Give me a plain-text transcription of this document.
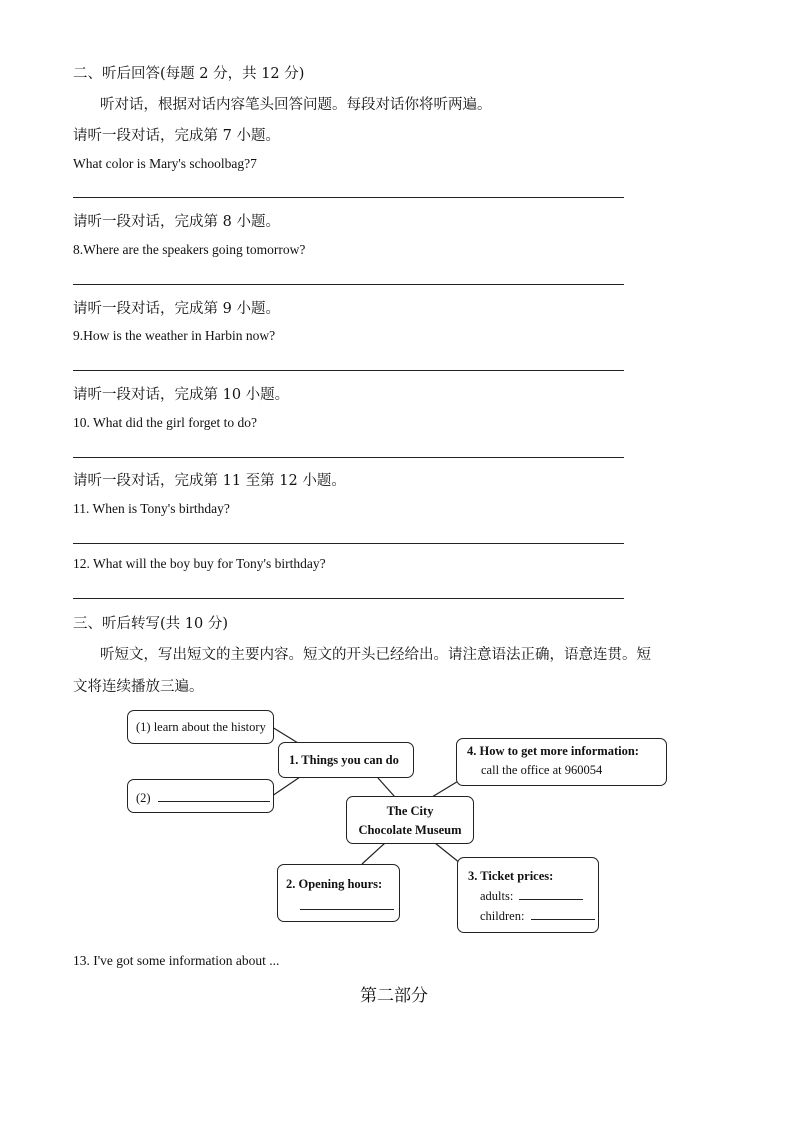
二、听后回答(每题 2 分，共 12 分)
听对话，根据对话内容笔头回答问题。每段对话你将听两遍。
请听一段对话，完成第 7 小题。
What color is Mary's schoolbag?7
请听一段对话，完成第 8 小题。
8.Where are the speakers going tomorrow?
请听一段对话，完成第 9 小题。
9.How is the weather in Harbin now?
请听一段对话，完成第 10 小题。
10. What did the girl forget to do?
请听一段对话，完成第 11 至第 12 小题。
11. When is Tony's birthday?
12. What will the boy buy for Tony's birthday?
三、听后转写(共 10 分)
听短文，写出短文的主要内容。短文的开头已经给出。请注意语法正确，语意连贯。短
文将连续播放三遍。
(1) learn about the history
(2)
1. Things you can do
4. How to get more information:
call the office at 960054
The City
Chocolate Museum
2. Opening hours:
3. Ticket prices:
adults:
children:
13. I've got some information about ...
第二部分
